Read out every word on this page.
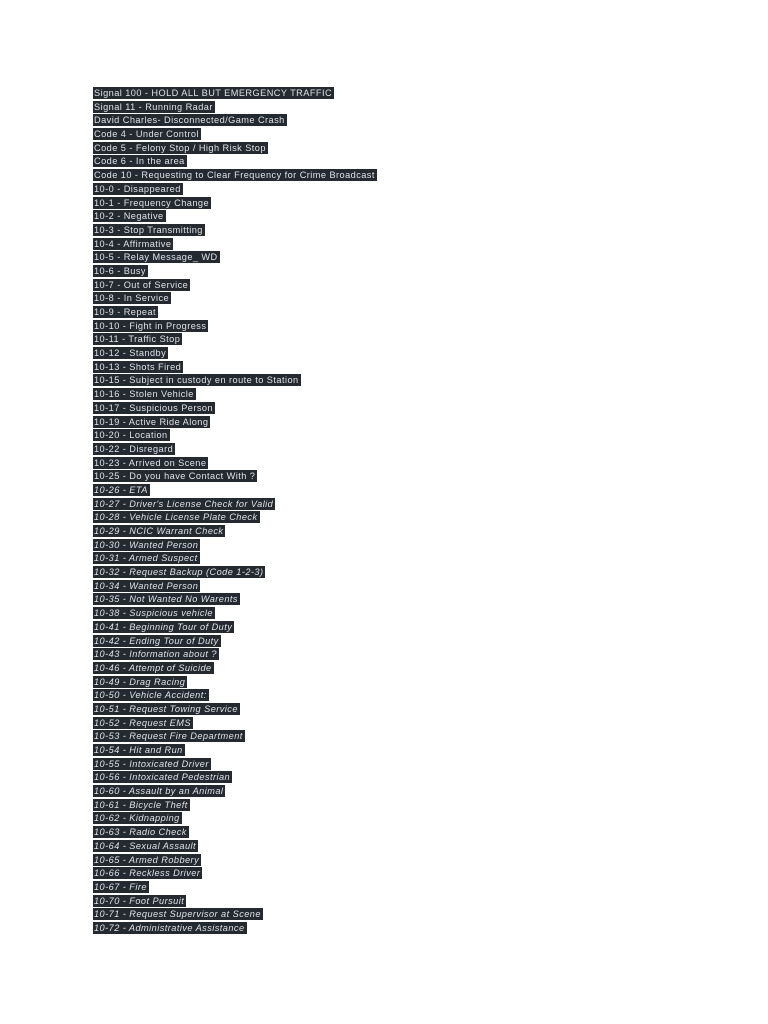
Signal 100 - HOLD ALL BUT EMERGENCY TRAFFIC
Signal 11 - Running Radar
David Charles- Disconnected/Game Crash
Code 4 - Under Control
Code 5 - Felony Stop / High Risk Stop
Code 6 - In the area
Code 10 - Requesting to Clear Frequency for Crime Broadcast
10-0 - Disappeared
10-1 - Frequency Change
10-2 - Negative
10-3 - Stop Transmitting
10-4 - Affirmative
10-5 - Relay Message_ WD
10-6 - Busy
10-7 - Out of Service
10-8 - In Service
10-9 - Repeat
10-10 - Fight in Progress
10-11 - Traffic Stop
10-12 - Standby
10-13 - Shots Fired
10-15 - Subject in custody en route to Station
10-16 - Stolen Vehicle
10-17 - Suspicious Person
10-19 - Active Ride Along
10-20 - Location
10-22 - Disregard
10-23 - Arrived on Scene
10-25 - Do you have Contact With ?
10-26 - ETA
10-27 - Driver's License Check for Valid
10-28 - Vehicle License Plate Check
10-29 - NCIC Warrant Check
10-30 - Wanted Person
10-31 - Armed Suspect
10-32 - Request Backup (Code 1-2-3)
10-34 - Wanted Person
10-35 - Not Wanted No Warents
10-38 - Suspicious vehicle
10-41 - Beginning Tour of Duty
10-42 - Ending Tour of Duty
10-43 - Information about ?
10-46 - Attempt of Suicide
10-49 - Drag Racing
10-50 - Vehicle Accident:
10-51 - Request Towing Service
10-52 - Request EMS
10-53 - Request Fire Department
10-54 - Hit and Run
10-55 - Intoxicated Driver
10-56 - Intoxicated Pedestrian
10-60 - Assault by an Animal
10-61 - Bicycle Theft
10-62 - Kidnapping
10-63 - Radio Check
10-64 - Sexual Assault
10-65 - Armed Robbery
10-66 - Reckless Driver
10-67 - Fire
10-70 - Foot Pursuit
10-71 - Request Supervisor at Scene
10-72 - Administrative Assistance
